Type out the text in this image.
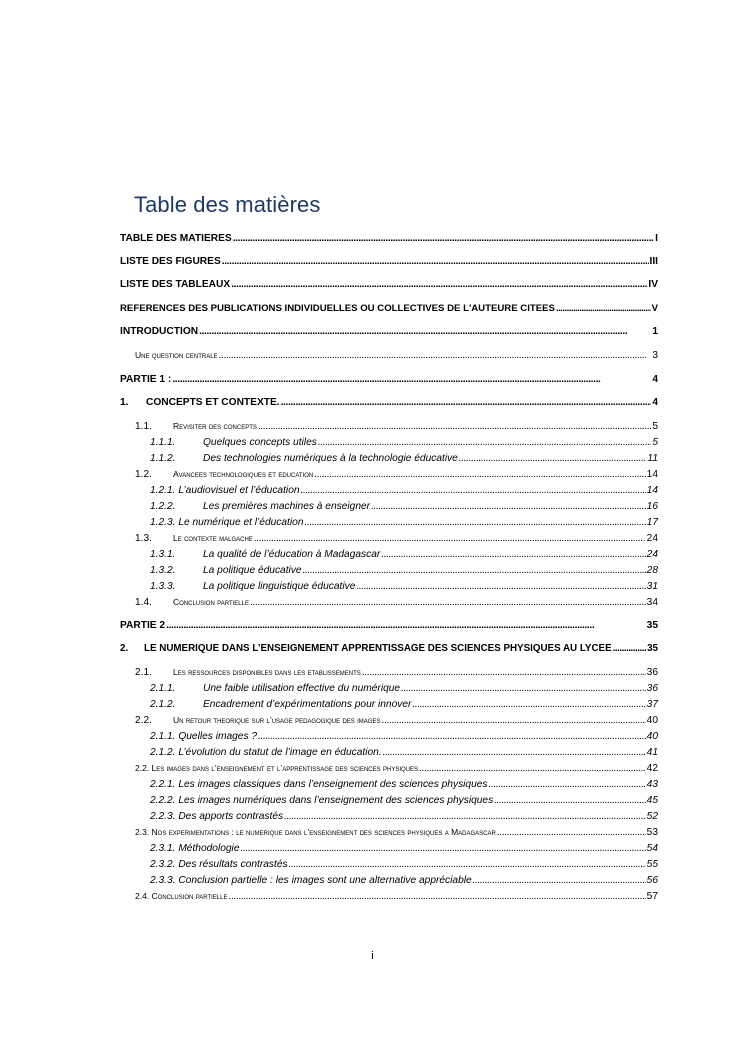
Table des matières
TABLE DES MATIERES . . .	I
LISTE DES FIGURES . . .	III
LISTE DES TABLEAUX . . .	IV
REFERENCES DES PUBLICATIONS INDIVIDUELLES OU COLLECTIVES DE L'AUTEURE CITEES . . .	V
INTRODUCTION . . .	1
Une question centrale . . .	3
PARTIE 1 : . . .	4
1.	CONCEPTS ET CONTEXTE. . . .	4
1.1.	Revisiter des concepts . . .	5
1.1.1.	Quelques concepts utiles . . .	5
1.1.2.	Des technologies numériques à la technologie éducative . . .	11
1.2.	Avancees technologiques et education . . .	14
1.2.1. L’audiovisuel et l’éducation . . .	14
1.2.2.	Les premières machines à enseigner . . .	16
1.2.3. Le numérique et l’éducation . . .	17
1.3.	Le contexte malgache . . .	24
1.3.1.	La qualité de l’éducation à Madagascar . . .	24
1.3.2.	La politique éducative . . .	28
1.3.3.	La politique linguistique éducative . . .	31
1.4.	Conclusion partielle . . .	34
PARTIE 2 . . .	35
2.	LE NUMERIQUE DANS L’ENSEIGNEMENT APPRENTISSAGE DES SCIENCES PHYSIQUES AU LYCEE . . .	35
2.1.	Les ressources disponibles dans les etablissements . . .	36
2.1.1.	Une faible utilisation effective du numérique . . .	36
2.1.2.	Encadrement d’expérimentations pour innover . . .	37
2.2.	Un retour theorique sur l’usage pedagogique des images . . .	40
2.1.1. Quelles images ? . . .	40
2.1.2. L’évolution du statut de l’image en éducation. . . .	41
2.2. Les images dans l’enseignement et l’apprentissage des sciences physiques . . .	42
2.2.1. Les images classiques dans l’enseignement des sciences physiques . . .	43
2.2.2. Les images numériques dans l’enseignement des sciences physiques . . .	45
2.2.3. Des apports contrastés . . .	52
2.3. Nos experimentations : le numerique dans l’enseignement des sciences physiques a Madagascar . . .	53
2.3.1. Méthodologie . . .	54
2.3.2. Des résultats contrastés . . .	55
2.3.3. Conclusion partielle : les images sont une alternative appréciable . . .	56
2.4. Conclusion partielle . . .	57
i
